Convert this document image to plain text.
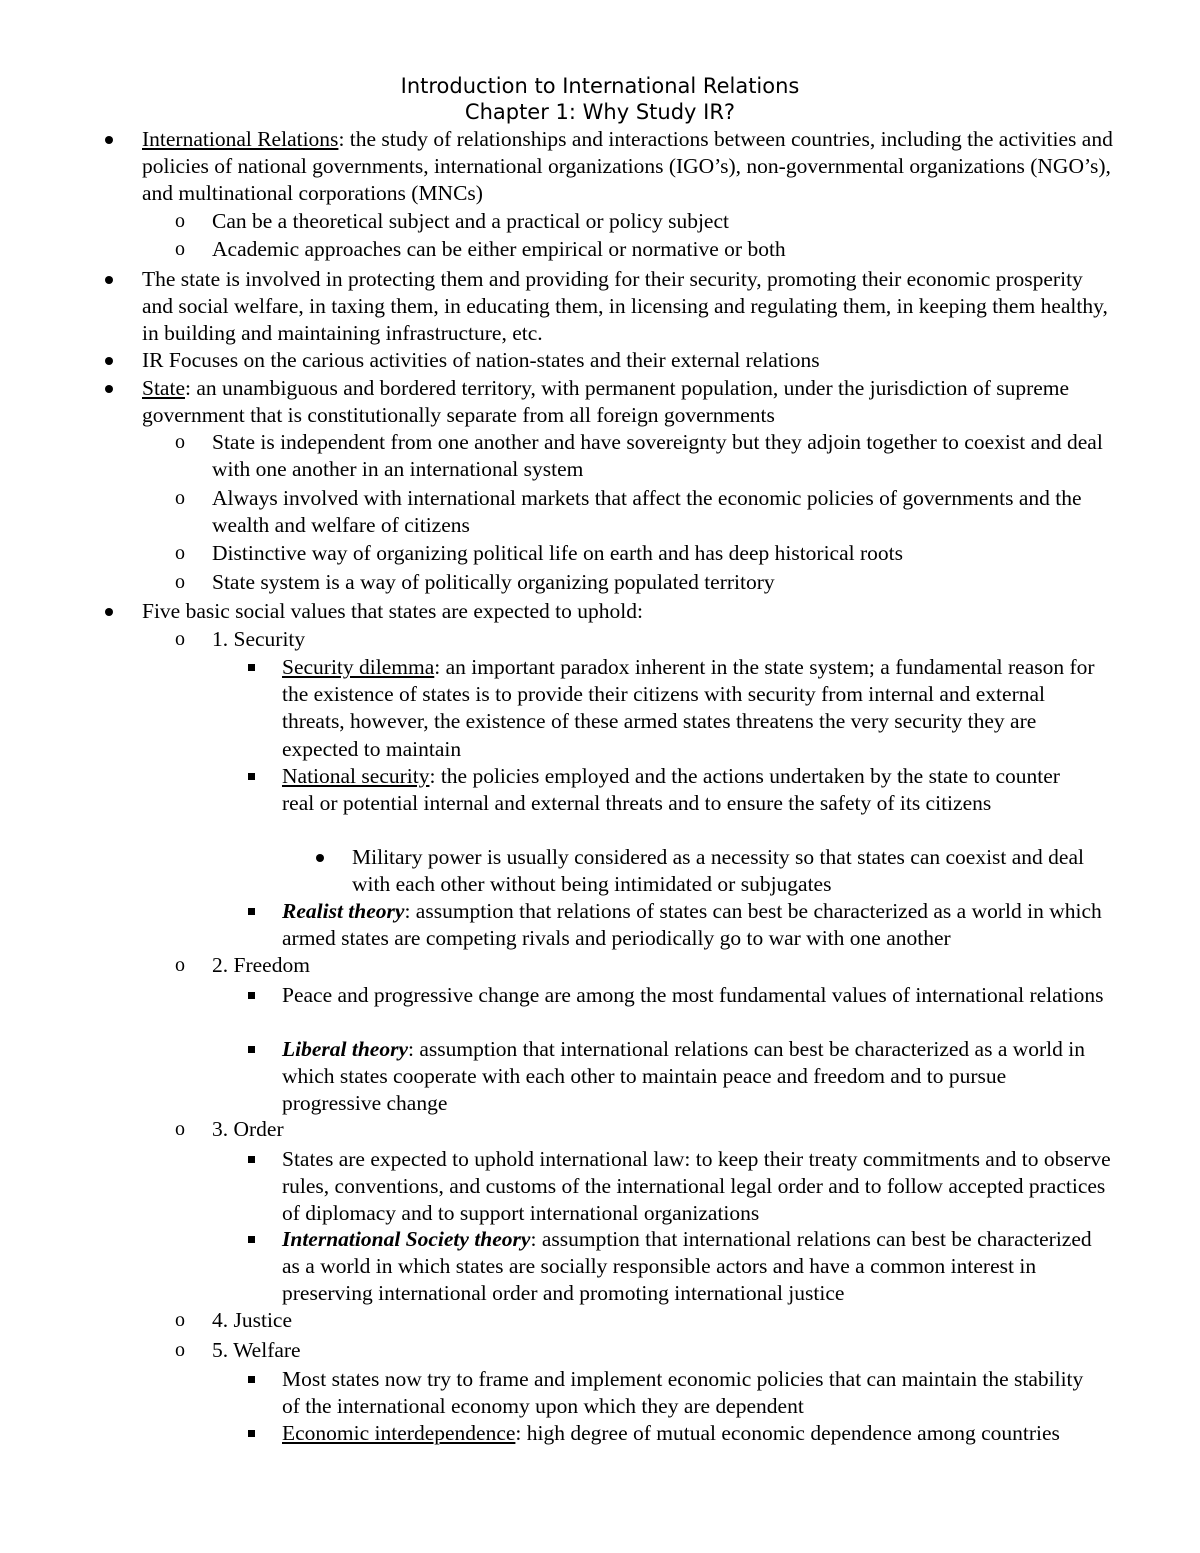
Introduction to International Relations
Chapter 1: Why Study IR?
International Relations: the study of relationships and interactions between countries, including the activities and policies of national governments, international organizations (IGO’s), non-governmental organizations (NGO’s), and multinational corporations (MNCs)
o Can be a theoretical subject and a practical or policy subject
o Academic approaches can be either empirical or normative or both
The state is involved in protecting them and providing for their security, promoting their economic prosperity and social welfare, in taxing them, in educating them, in licensing and regulating them, in keeping them healthy, in building and maintaining infrastructure, etc.
IR Focuses on the carious activities of nation-states and their external relations
State: an unambiguous and bordered territory, with permanent population, under the jurisdiction of supreme government that is constitutionally separate from all foreign governments
o State is independent from one another and have sovereignty but they adjoin together to coexist and deal with one another in an international system
o Always involved with international markets that affect the economic policies of governments and the wealth and welfare of citizens
o Distinctive way of organizing political life on earth and has deep historical roots
o State system is a way of politically organizing populated territory
Five basic social values that states are expected to uphold:
o 1. Security
Security dilemma: an important paradox inherent in the state system; a fundamental reason for the existence of states is to provide their citizens with security from internal and external threats, however, the existence of these armed states threatens the very security they are expected to maintain
National security: the policies employed and the actions undertaken by the state to counter real or potential internal and external threats and to ensure the safety of its citizens
Military power is usually considered as a necessity so that states can coexist and deal with each other without being intimidated or subjugates
Realist theory: assumption that relations of states can best be characterized as a world in which armed states are competing rivals and periodically go to war with one another
o 2. Freedom
Peace and progressive change are among the most fundamental values of international relations
Liberal theory: assumption that international relations can best be characterized as a world in which states cooperate with each other to maintain peace and freedom and to pursue progressive change
o 3. Order
States are expected to uphold international law: to keep their treaty commitments and to observe rules, conventions, and customs of the international legal order and to follow accepted practices of diplomacy and to support international organizations
International Society theory: assumption that international relations can best be characterized as a world in which states are socially responsible actors and have a common interest in preserving international order and promoting international justice
o 4. Justice
o 5. Welfare
Most states now try to frame and implement economic policies that can maintain the stability of the international economy upon which they are dependent
Economic interdependence: high degree of mutual economic dependence among countries
